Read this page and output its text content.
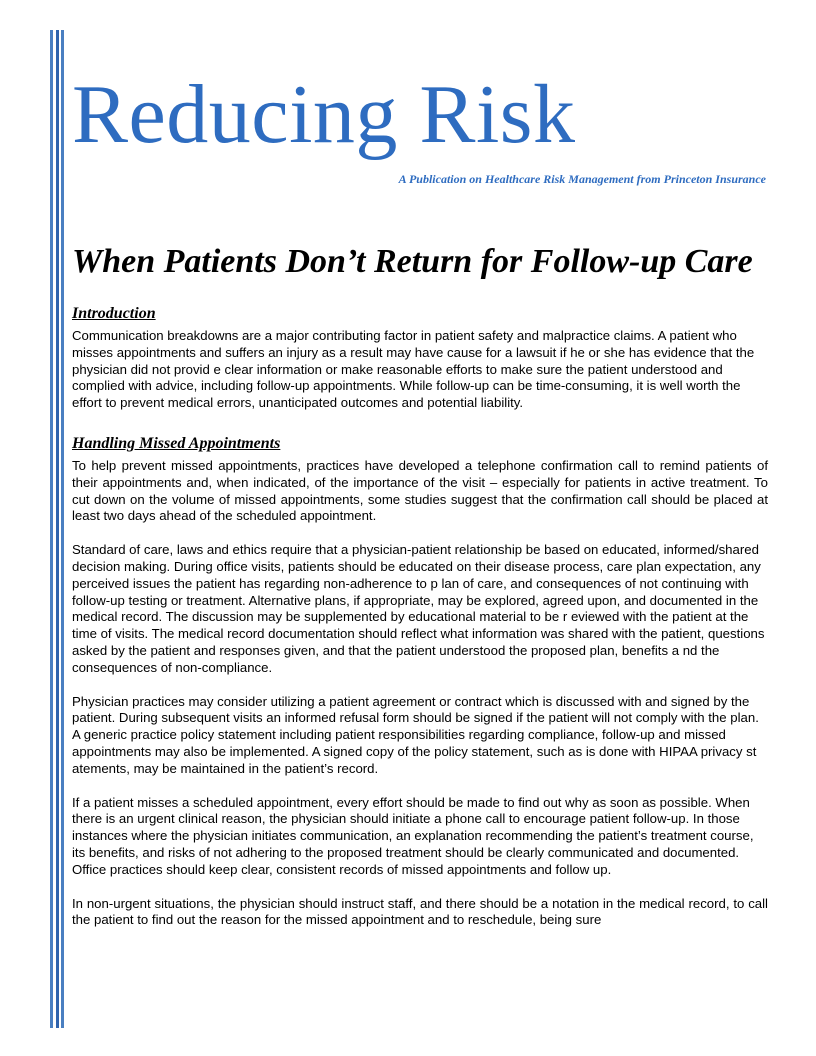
Reducing Risk
A Publication on Healthcare Risk Management from Princeton Insurance
When Patients Don’t Return for Follow-up Care
Introduction

Communication breakdowns are a major contributing factor in patient safety and malpractice claims. A patient who misses appointments and suffers an injury as a result may have cause for a lawsuit if he or she has evidence that the physician did not provid e clear information or make reasonable efforts to make sure the patient understood and complied with advice, including follow-up appointments. While follow-up can be time-consuming, it is well worth the effort to prevent medical errors, unanticipated outcomes and potential liability.

Handling Missed Appointments

To help prevent missed appointments, practices have developed a telephone confirmation call to remind patients of their appointments and, when indicated, of the importance of the visit – especially for patients in active treatment. To cut down on the volume of missed appointments, some studies suggest that the confirmation call should be placed at least two days ahead of the scheduled appointment.

Standard of care, laws and ethics require that a physician-patient relationship be based on educated, informed/shared decision making. During office visits, patients should be educated on their disease process, care plan expectation, any perceived issues the patient has regarding non-adherence to p lan of care, and consequences of not continuing with follow-up testing or treatment. Alternative plans, if appropriate, may be explored, agreed upon, and documented in the medical record. The discussion may be supplemented by educational material to be r eviewed with the patient at the time of visits. The medical record documentation should reflect what information was shared with the patient, questions asked by the patient and responses given, and that the patient understood the proposed plan, benefits a nd the consequences of non-compliance.

Physician practices may consider utilizing a patient agreement or contract which is discussed with and signed by the patient. During subsequent visits an informed refusal form should be signed if the patient will not comply with the plan. A generic practice policy statement including patient responsibilities regarding compliance, follow-up and missed appointments may also be implemented. A signed copy of the policy statement, such as is done with HIPAA privacy st atements, may be maintained in the patient’s record.

If a patient misses a scheduled appointment, every effort should be made to find out why as soon as possible. When there is an urgent clinical reason, the physician should initiate a phone call to encourage patient follow-up. In those instances where the physician initiates communication, an explanation recommending the patient’s treatment course, its benefits, and risks of not adhering to the proposed treatment should be clearly communicated and documented. Office practices should keep clear, consistent records of missed appointments and follow up.

In non-urgent situations, the physician should instruct staff, and there should be a notation in the medical record, to call the patient to find out the reason for the missed appointment and to reschedule, being sure
